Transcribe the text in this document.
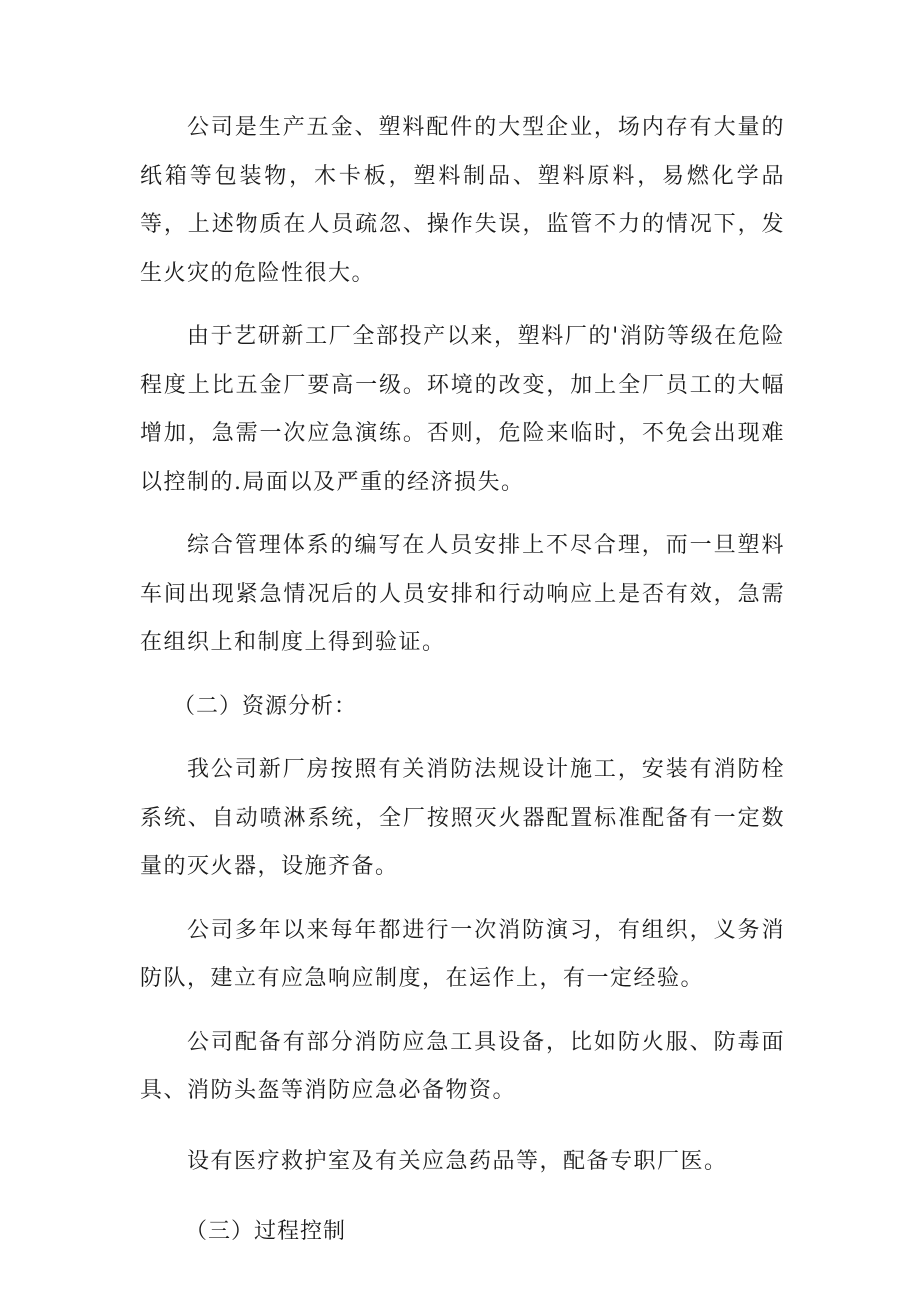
公司是生产五金、塑料配件的大型企业，场内存有大量的纸箱等包装物，木卡板，塑料制品、塑料原料，易燃化学品等，上述物质在人员疏忽、操作失误，监管不力的情况下，发生火灾的危险性很大。

由于艺研新工厂全部投产以来，塑料厂的'消防等级在危险程度上比五金厂要高一级。环境的改变，加上全厂员工的大幅增加，急需一次应急演练。否则，危险来临时，不免会出现难以控制的.局面以及严重的经济损失。

综合管理体系的编写在人员安排上不尽合理，而一旦塑料车间出现紧急情况后的人员安排和行动响应上是否有效，急需在组织上和制度上得到验证。

（二）资源分析：

我公司新厂房按照有关消防法规设计施工，安装有消防栓系统、自动喷淋系统，全厂按照灭火器配置标准配备有一定数量的灭火器，设施齐备。

公司多年以来每年都进行一次消防演习，有组织，义务消防队，建立有应急响应制度，在运作上，有一定经验。

公司配备有部分消防应急工具设备，比如防火服、防毒面具、消防头盔等消防应急必备物资。

设有医疗救护室及有关应急药品等，配备专职厂医。

（三）过程控制
